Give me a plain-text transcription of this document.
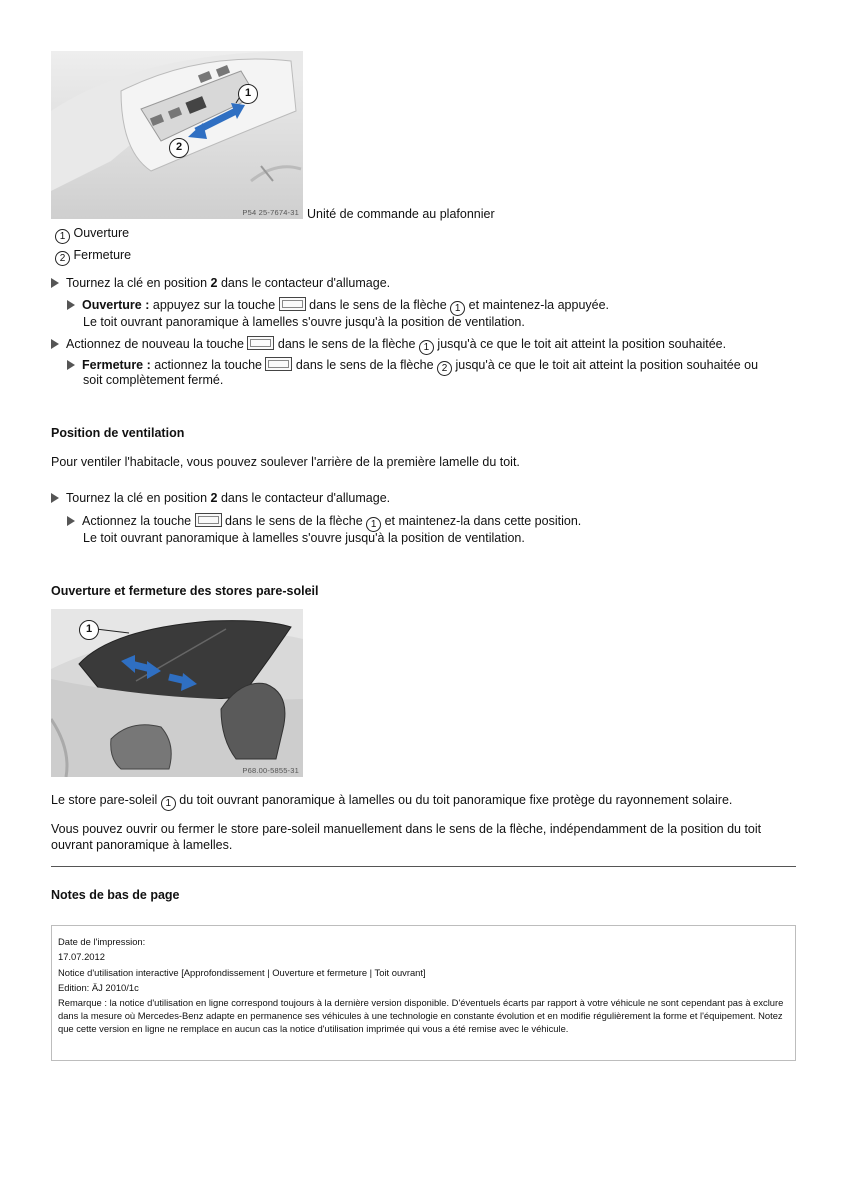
1
2
P54 25-7674-31 Unité de commande au plafonnier
1 Ouverture
2 Fermeture
Tournez la clé en position 2 dans le contacteur d'allumage.
Ouverture : appuyez sur la touche  dans le sens de la flèche 1 et maintenez-la appuyée.
Le toit ouvrant panoramique à lamelles s'ouvre jusqu'à la position de ventilation.
Actionnez de nouveau la touche  dans le sens de la flèche 1 jusqu'à ce que le toit ait atteint la position souhaitée.
Fermeture : actionnez la touche  dans le sens de la flèche 2 jusqu'à ce que le toit ait atteint la position souhaitée ou
soit complètement fermé.
Position de ventilation
Pour ventiler l'habitacle, vous pouvez soulever l'arrière de la première lamelle du toit.
Tournez la clé en position 2 dans le contacteur d'allumage.
Actionnez la touche  dans le sens de la flèche 1 et maintenez-la dans cette position.
Le toit ouvrant panoramique à lamelles s'ouvre jusqu'à la position de ventilation.
Ouverture et fermeture des stores pare-soleil
1
P68.00-5855-31
Le store pare-soleil 1 du toit ouvrant panoramique à lamelles ou du toit panoramique fixe protège du rayonnement solaire.
Vous pouvez ouvrir ou fermer le store pare-soleil manuellement dans le sens de la flèche, indépendamment de la position du toit
ouvrant panoramique à lamelles.
Notes de bas de page
Date de l'impression:
17.07.2012
Notice d'utilisation interactive [Approfondissement | Ouverture et fermeture | Toit ouvrant]
Edition: ÄJ 2010/1c
Remarque : la notice d'utilisation en ligne correspond toujours à la dernière version disponible. D'éventuels écarts par rapport à votre véhicule ne sont cependant pas à exclure dans la mesure où Mercedes-Benz adapte en permanence ses véhicules à une technologie en constante évolution et en modifie régulièrement la forme et l'équipement. Notez que cette version en ligne ne remplace en aucun cas la notice d'utilisation imprimée qui vous a été remise avec le véhicule.
